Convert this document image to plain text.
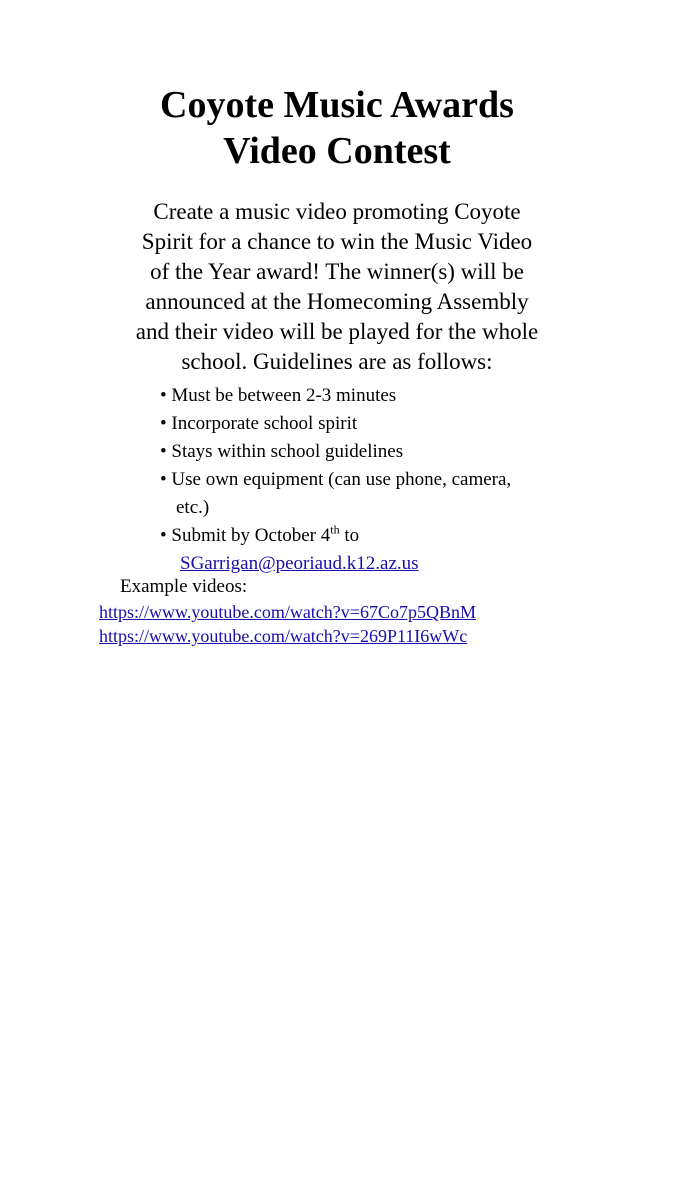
Coyote Music Awards
Video Contest
Create a music video promoting Coyote
Spirit for a chance to win the Music Video
of the Year award! The winner(s) will be
announced at the Homecoming Assembly
and their video will be played for the whole
school. Guidelines are as follows:
• Must be between 2-3 minutes
• Incorporate school spirit
• Stays within school guidelines
• Use own equipment (can use phone, camera,
etc.)
• Submit by October 4th to
SGarrigan@peoriaud.k12.az.us
Example videos:
https://www.youtube.com/watch?v=67Co7p5QBnM
https://www.youtube.com/watch?v=269P11I6wWc
